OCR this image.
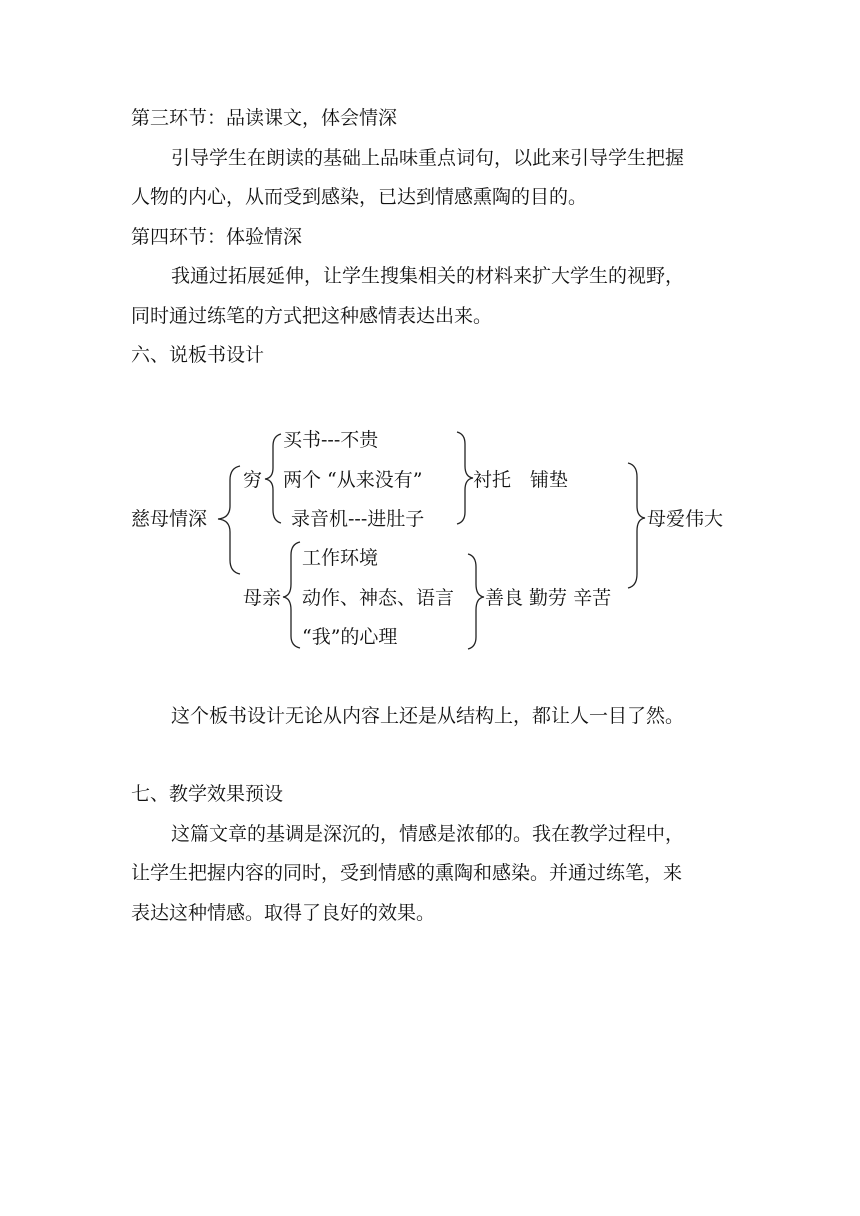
第三环节：品读课文，体会情深
引导学生在朗读的基础上品味重点词句，以此来引导学生把握
人物的内心，从而受到感染，已达到情感熏陶的目的。
第四环节：体验情深
我通过拓展延伸，让学生搜集相关的材料来扩大学生的视野，
同时通过练笔的方式把这种感情表达出来。
六、说板书设计
慈母情深
穷
买书---不贵
两个 “从来没有”
录音机---进肚子
衬托　铺垫
母亲
工作环境
动作、神态、语言
“我”的心理
善良 勤劳 辛苦
母爱伟大
这个板书设计无论从内容上还是从结构上，都让人一目了然。
七、教学效果预设
这篇文章的基调是深沉的，情感是浓郁的。我在教学过程中，
让学生把握内容的同时，受到情感的熏陶和感染。并通过练笔，来
表达这种情感。取得了良好的效果。
